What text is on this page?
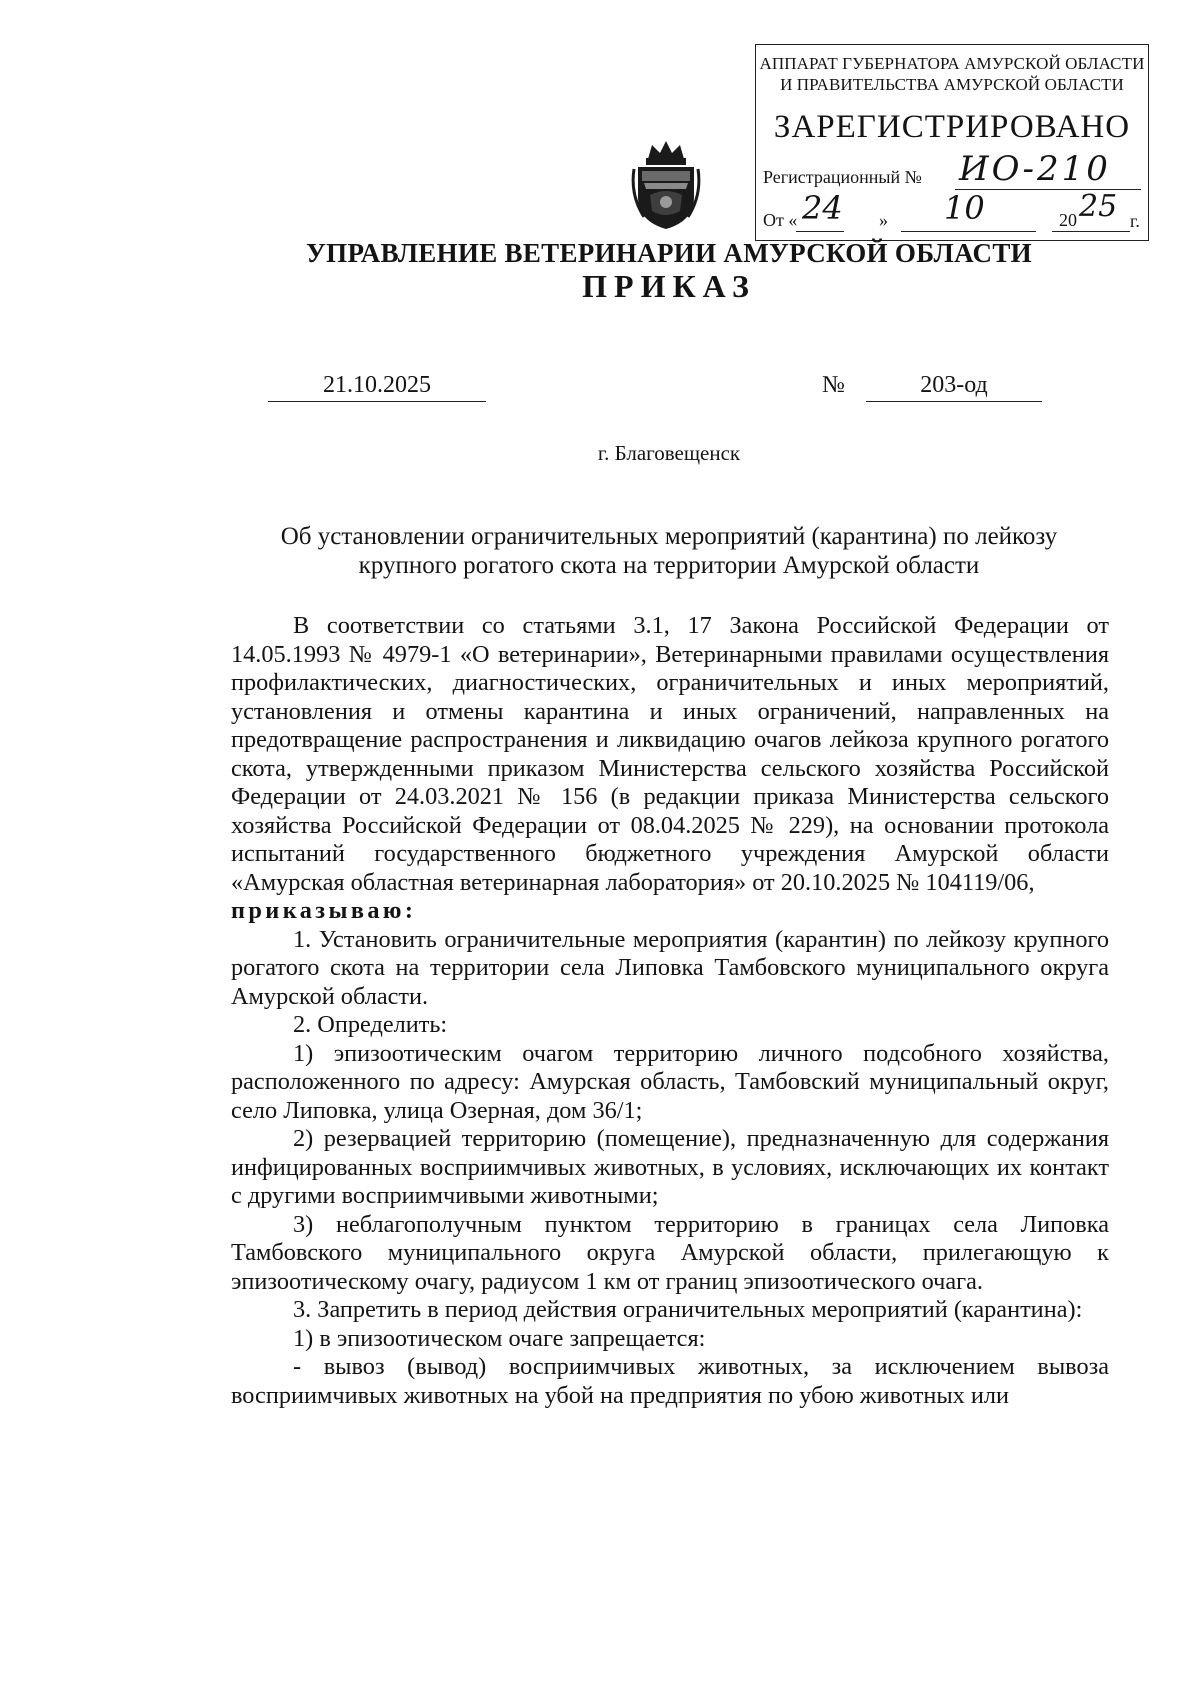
АППАРАТ ГУБЕРНАТОРА АМУРСКОЙ ОБЛАСТИ
И ПРАВИТЕЛЬСТВА АМУРСКОЙ ОБЛАСТИ
ЗАРЕГИСТРИРОВАНО
Регистрационный № ИО-210
От « 24 » 10	20 25 г.
УПРАВЛЕНИЕ ВЕТЕРИНАРИИ АМУРСКОЙ ОБЛАСТИ
ПРИКАЗ
21.10.2025	№	203-од
г. Благовещенск
Об установлении ограничительных мероприятий (карантина) по лейкозу
крупного рогатого скота на территории Амурской области

В соответствии со статьями 3.1, 17 Закона Российской Федерации от 14.05.1993 № 4979-1 «О ветеринарии», Ветеринарными правилами осуществления профилактических, диагностических, ограничительных и иных мероприятий, установления и отмены карантина и иных ограничений, направленных на предотвращение распространения и ликвидацию очагов лейкоза крупного рогатого скота, утвержденными приказом Министерства сельского хозяйства Российской Федерации от 24.03.2021 № 156 (в редакции приказа Министерства сельского хозяйства Российской Федерации от 08.04.2025 № 229), на основании протокола испытаний государственного бюджетного учреждения Амурской области «Амурская областная ветеринарная лаборатория» от 20.10.2025 № 104119/06,

приказываю:

1. Установить ограничительные мероприятия (карантин) по лейкозу крупного рогатого скота на территории села Липовка Тамбовского муниципального округа Амурской области.

2. Определить:

1) эпизоотическим очагом территорию личного подсобного хозяйства, расположенного по адресу: Амурская область, Тамбовский муниципальный округ, село Липовка, улица Озерная, дом 36/1;

2) резервацией территорию (помещение), предназначенную для содержания инфицированных восприимчивых животных, в условиях, исключающих их контакт с другими восприимчивыми животными;

3) неблагополучным пунктом территорию в границах села Липовка Тамбовского муниципального округа Амурской области, прилегающую к эпизоотическому очагу, радиусом 1 км от границ эпизоотического очага.

3. Запретить в период действия ограничительных мероприятий (карантина):

1) в эпизоотическом очаге запрещается:

- вывоз (вывод) восприимчивых животных, за исключением вывоза восприимчивых животных на убой на предприятия по убою животных или
